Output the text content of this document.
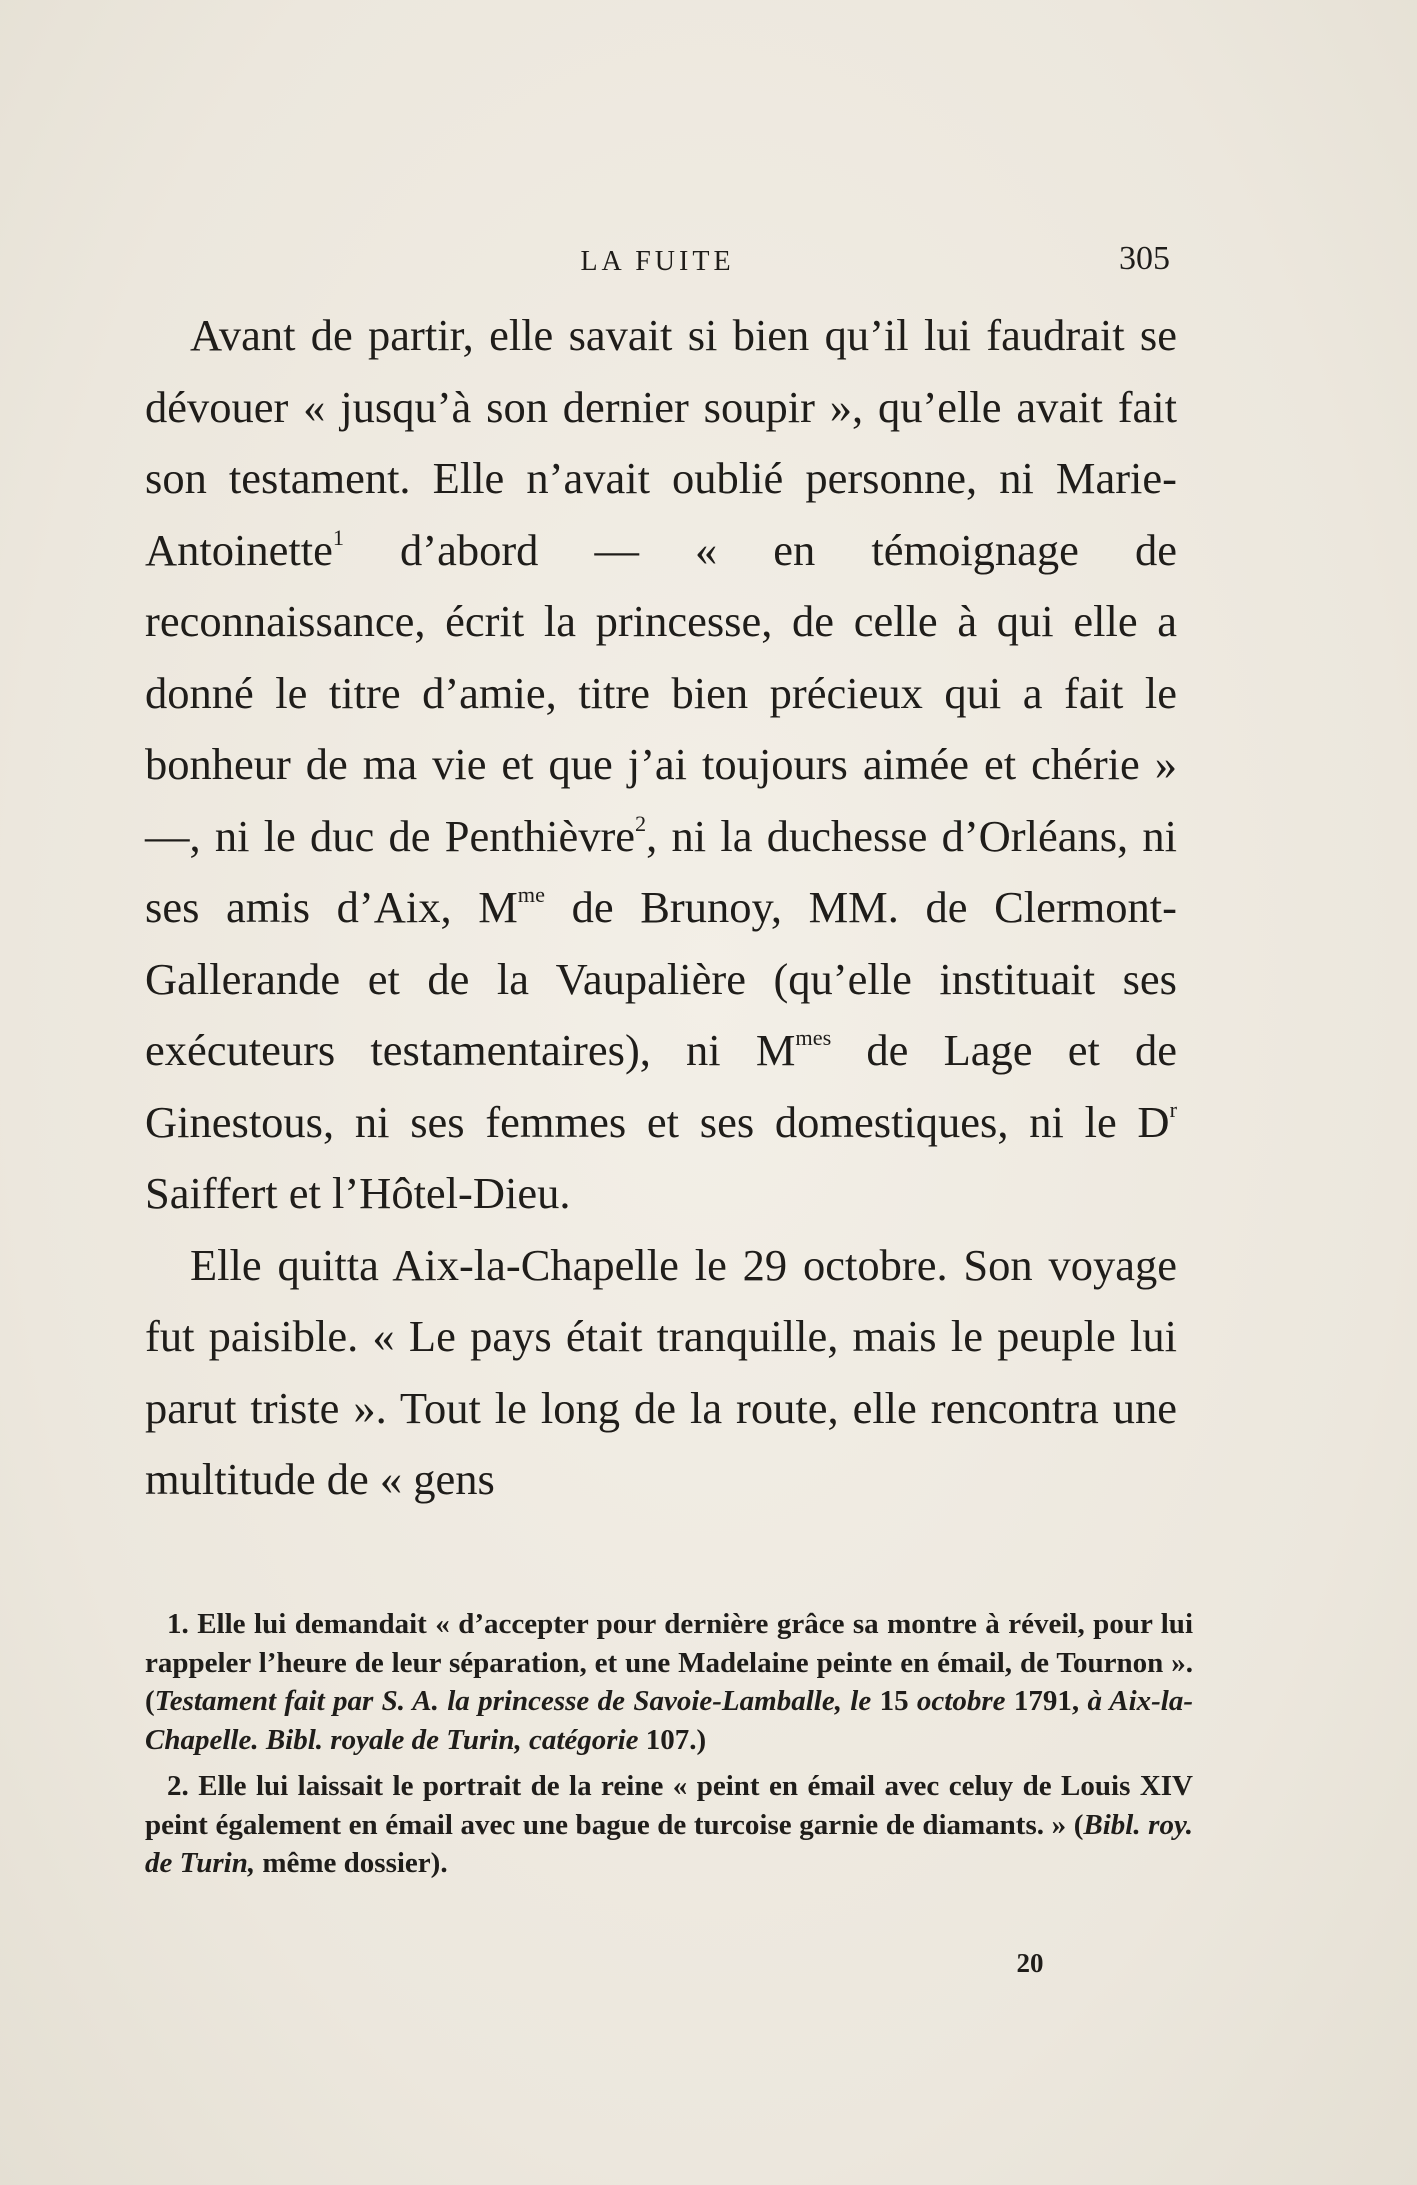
LA FUITE	305

Avant de partir, elle savait si bien qu’il lui faudrait se dévouer « jusqu’à son dernier soupir », qu’elle avait fait son testament. Elle n’avait oublié personne, ni Marie-Antoinette$^1$ d’abord — « en témoignage de reconnaissance, écrit la princesse, de celle à qui elle a donné le titre d’amie, titre bien précieux qui a fait le bonheur de ma vie et que j’ai toujours aimée et chérie » —, ni le duc de Penthièvre$^2$, ni la duchesse d’Orléans, ni ses amis d’Aix, $M^{me}$ de Brunoy, MM. de Clermont-Gallerande et de la Vaupalière (qu’elle instituait ses exécuteurs testamentaires), ni $M^{mes}$ de Lage et de Ginestous, ni ses femmes et ses domestiques, ni le $D^r$ Saiffert et l’Hôtel-Dieu.

Elle quitta Aix-la-Chapelle le 29 octobre. Son voyage fut paisible. « Le pays était tranquille, mais le peuple lui parut triste ». Tout le long de la route, elle rencontra une multitude de « gens

1. Elle lui demandait « d’accepter pour dernière grâce sa montre à réveil, pour lui rappeler l’heure de leur séparation, et une Madelaine peinte en émail, de Tournon ». (Testament fait par S. A. la princesse de Savoie-Lamballe, le 15 octobre 1791, à Aix-la-Chapelle. Bibl. royale de Turin, catégorie 107.)

2. Elle lui laissait le portrait de la reine « peint en émail avec celuy de Louis XIV peint également en émail avec une bague de turcoise garnie de diamants. » (Bibl. roy. de Turin, même dossier).

20
